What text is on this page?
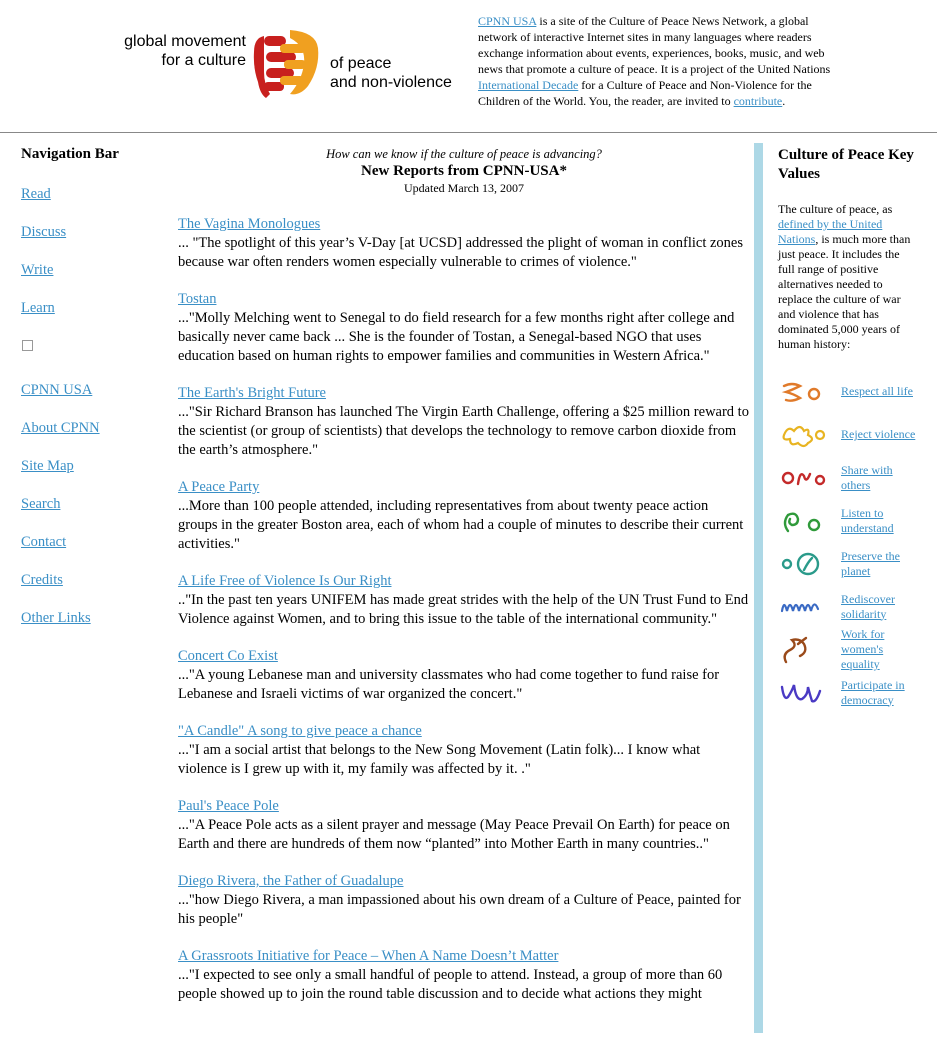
global movement
for a culture	of peace
and non-violence
CPNN USA is a site of the Culture of Peace News Network, a global network of interactive Internet sites in many languages where readers exchange information about events, experiences, books, music, and web news that promote a culture of peace. It is a project of the United Nations International Decade for a Culture of Peace and Non-Violence for the Children of the World. You, the reader, are invited to contribute.
Navigation Bar
Read
Discuss
Write
Learn
CPNN USA
About CPNN
Site Map
Search
Contact
Credits
Other Links
How can we know if the culture of peace is advancing?
New Reports from CPNN-USA*
Updated March 13, 2007
The Vagina Monologues
... "The spotlight of this year’s V-Day [at UCSD] addressed the plight of woman in conflict zones because war often renders women especially vulnerable to crimes of violence."
Tostan
..."Molly Melching went to Senegal to do field research for a few months right after college and basically never came back ... She is the founder of Tostan, a Senegal-based NGO that uses education based on human rights to empower families and communities in Western Africa."
The Earth's Bright Future
..."Sir Richard Branson has launched The Virgin Earth Challenge, offering a $25 million reward to the scientist (or group of scientists) that develops the technology to remove carbon dioxide from the earth’s atmosphere."
A Peace Party
...More than 100 people attended, including representatives from about twenty peace action groups in the greater Boston area, each of whom had a couple of minutes to describe their current activities."
A Life Free of Violence Is Our Right
.."In the past ten years UNIFEM has made great strides with the help of the UN Trust Fund to End Violence against Women, and to bring this issue to the table of the international community."
Concert Co Exist
..."A young Lebanese man and university classmates who had come together to fund raise for Lebanese and Israeli victims of war organized the concert."
"A Candle" A song to give peace a chance
..."I am a social artist that belongs to the New Song Movement (Latin folk)... I know what violence is I grew up with it, my family was affected by it. ."
Paul's Peace Pole
..."A Peace Pole acts as a silent prayer and message (May Peace Prevail On Earth) for peace on Earth and there are hundreds of them now “planted” into Mother Earth in many countries.."
Diego Rivera, the Father of Guadalupe
..."how Diego Rivera, a man impassioned about his own dream of a Culture of Peace, painted for his people"
A Grassroots Initiative for Peace – When A Name Doesn’t Matter
..."I expected to see only a small handful of people to attend. Instead, a group of more than 60 people showed up to join the round table discussion and to decide what actions they might
Culture of Peace Key Values
The culture of peace, as defined by the United Nations, is much more than just peace. It includes the full range of positive alternatives needed to replace the culture of war and violence that has dominated 5,000 years of human history:
Respect all life
Reject violence
Share with others
Listen to understand
Preserve the planet
Rediscover solidarity
Work for women's equality
Participate in democracy
